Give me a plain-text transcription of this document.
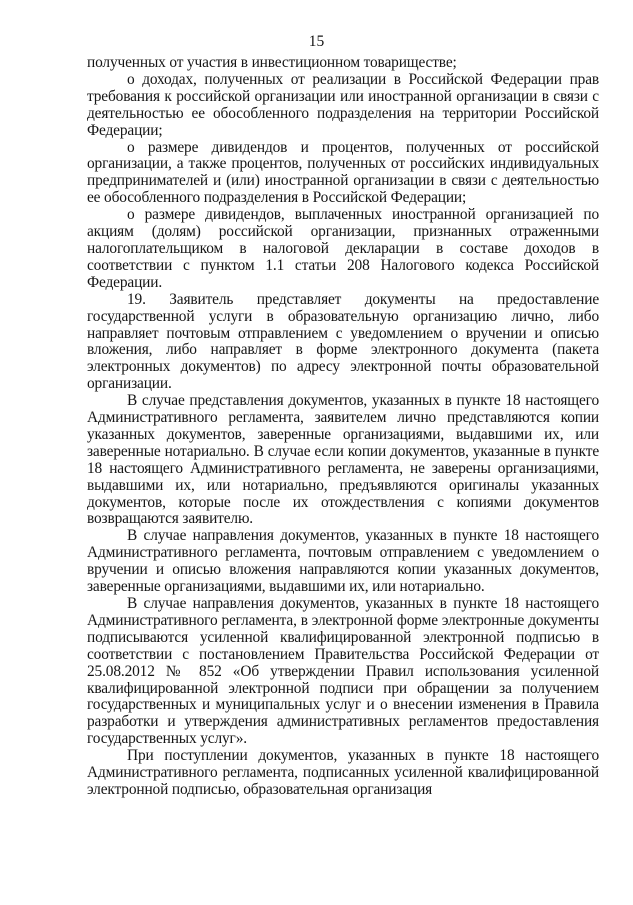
15

полученных от участия в инвестиционном товариществе;

о доходах, полученных от реализации в Российской Федерации прав требования к российской организации или иностранной организации в связи с деятельностью ее обособленного подразделения на территории Российской Федерации;

о размере дивидендов и процентов, полученных от российской организации, а также процентов, полученных от российских индивидуальных предпринимателей и (или) иностранной организации в связи с деятельностью ее обособленного подразделения в Российской Федерации;

о размере дивидендов, выплаченных иностранной организацией по акциям (долям) российской организации, признанных отраженными налогоплательщиком в налоговой декларации в составе доходов в соответствии с пунктом 1.1 статьи 208 Налогового кодекса Российской Федерации.

19. Заявитель представляет документы на предоставление государственной услуги в образовательную организацию лично, либо направляет почтовым отправлением с уведомлением о вручении и описью вложения, либо направляет в форме электронного документа (пакета электронных документов) по адресу электронной почты образовательной организации.

В случае представления документов, указанных в пункте 18 настоящего Административного регламента, заявителем лично представляются копии указанных документов, заверенные организациями, выдавшими их, или заверенные нотариально. В случае если копии документов, указанные в пункте 18 настоящего Административного регламента, не заверены организациями, выдавшими их, или нотариально, предъявляются оригиналы указанных документов, которые после их отождествления с копиями документов возвращаются заявителю.

В случае направления документов, указанных в пункте 18 настоящего Административного регламента, почтовым отправлением с уведомлением о вручении и описью вложения направляются копии указанных документов, заверенные организациями, выдавшими их, или нотариально.

В случае направления документов, указанных в пункте 18 настоящего Административного регламента, в электронной форме электронные документы подписываются усиленной квалифицированной электронной подписью в соответствии с постановлением Правительства Российской Федерации от 25.08.2012 № 852 «Об утверждении Правил использования усиленной квалифицированной электронной подписи при обращении за получением государственных и муниципальных услуг и о внесении изменения в Правила разработки и утверждения административных регламентов предоставления государственных услуг».

При поступлении документов, указанных в пункте 18 настоящего Административного регламента, подписанных усиленной квалифицированной электронной подписью, образовательная организация
